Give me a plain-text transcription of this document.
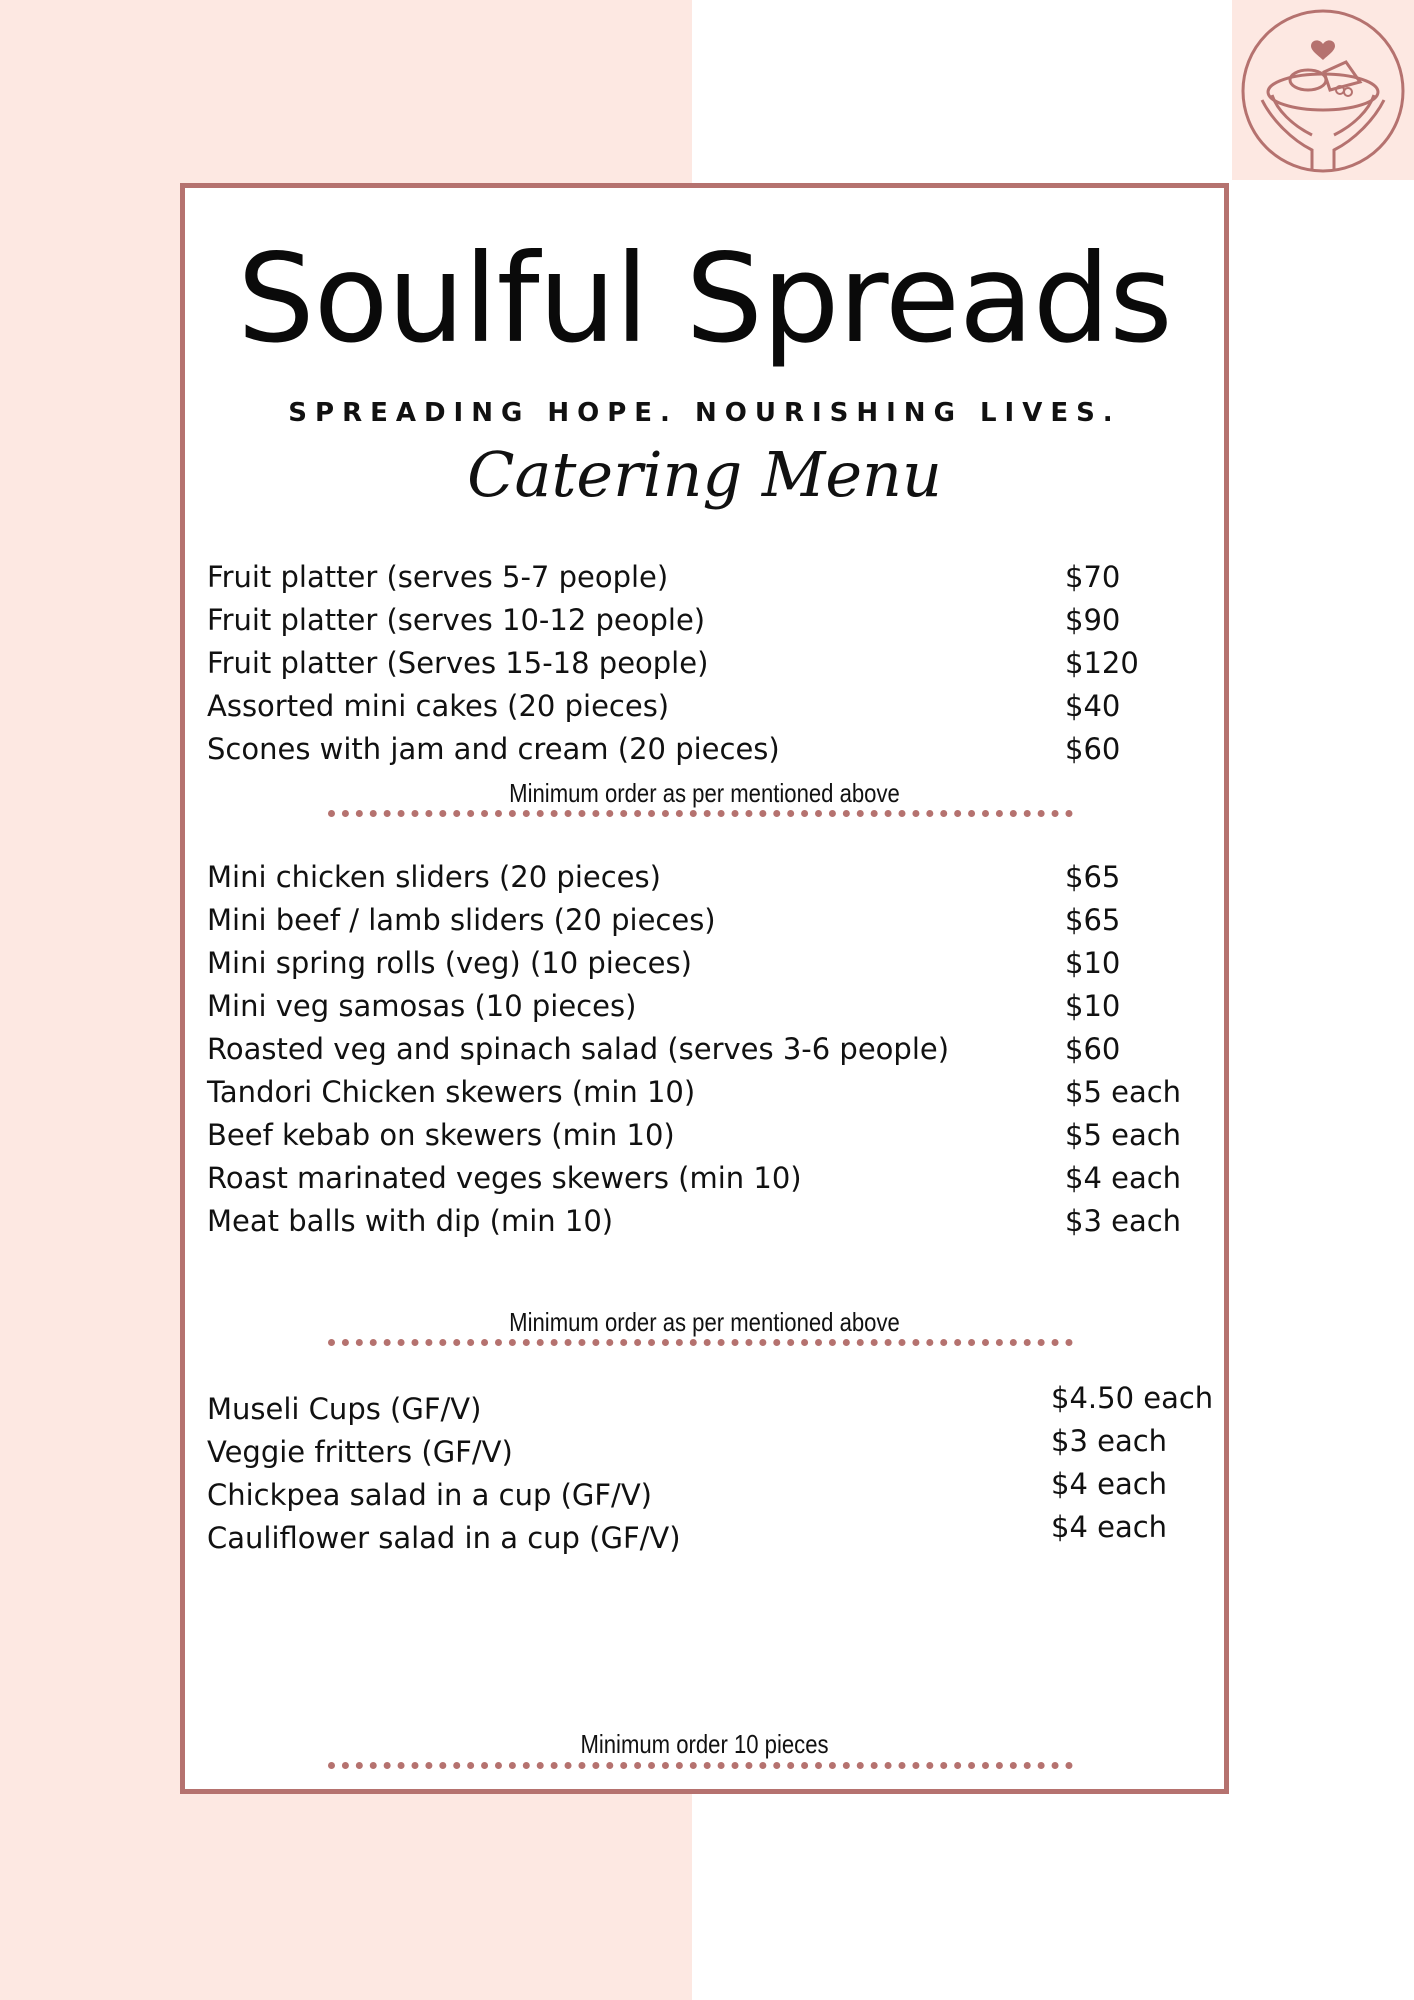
Soulful Spreads
SPREADING HOPE. NOURISHING LIVES.
Catering Menu
Fruit platter (serves 5-7 people)	$70
Fruit platter (serves 10-12 people)	$90
Fruit platter (Serves 15-18 people)	$120
Assorted mini cakes (20 pieces)	$40
Scones with jam and cream (20 pieces)	$60
Minimum order as per mentioned above
Mini chicken sliders (20 pieces)	$65
Mini beef / lamb sliders (20 pieces)	$65
Mini spring rolls (veg) (10 pieces)	$10
Mini veg samosas (10 pieces)	$10
Roasted veg and spinach salad (serves 3-6 people)	$60
Tandori Chicken skewers (min 10)	$5 each
Beef kebab on skewers (min 10)	$5 each
Roast marinated veges skewers (min 10)	$4 each
Meat balls with dip (min 10)	$3 each
Minimum order as per mentioned above
Museli Cups (GF/V)	$4.50 each
Veggie fritters (GF/V)	$3 each
Chickpea salad in a cup (GF/V)	$4 each
Cauliflower salad in a cup (GF/V)	$4 each
Minimum order 10 pieces
